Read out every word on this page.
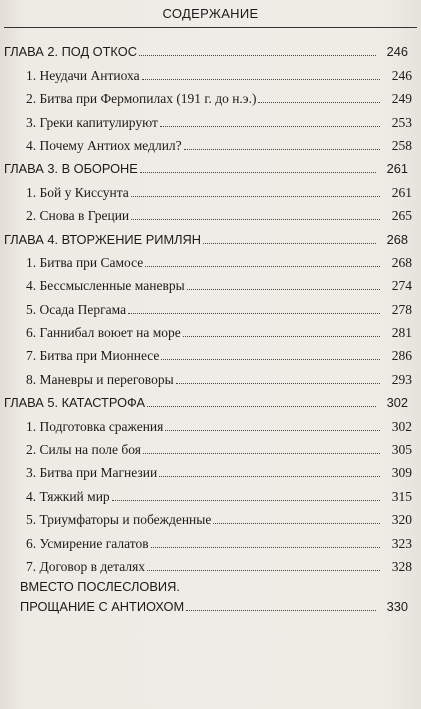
СОДЕРЖАНИЕ
ГЛАВА 2. ПОД ОТКОС	246
1. Неудачи Антиоха	246
2. Битва при Фермопилах (191 г. до н.э.)	249
3. Греки капитулируют	253
4. Почему Антиох медлил?	258
ГЛАВА 3. В ОБОРОНЕ	261
1. Бой у Киссунта	261
2. Снова в Греции	265
ГЛАВА 4. ВТОРЖЕНИЕ РИМЛЯН	268
1. Битва при Самосе	268
4. Бессмысленные маневры	274
5. Осада Пергама	278
6. Ганнибал воюет на море	281
7. Битва при Мионнесе	286
8. Маневры и переговоры	293
ГЛАВА 5. КАТАСТРОФА	302
1. Подготовка сражения	302
2. Силы на поле боя	305
3. Битва при Магнезии	309
4. Тяжкий мир	315
5. Триумфаторы и побежденные	320
6. Усмирение галатов	323
7. Договор в деталях	328
ВМЕСТО ПОСЛЕСЛОВИЯ.
ПРОЩАНИЕ С АНТИОХОМ	330
